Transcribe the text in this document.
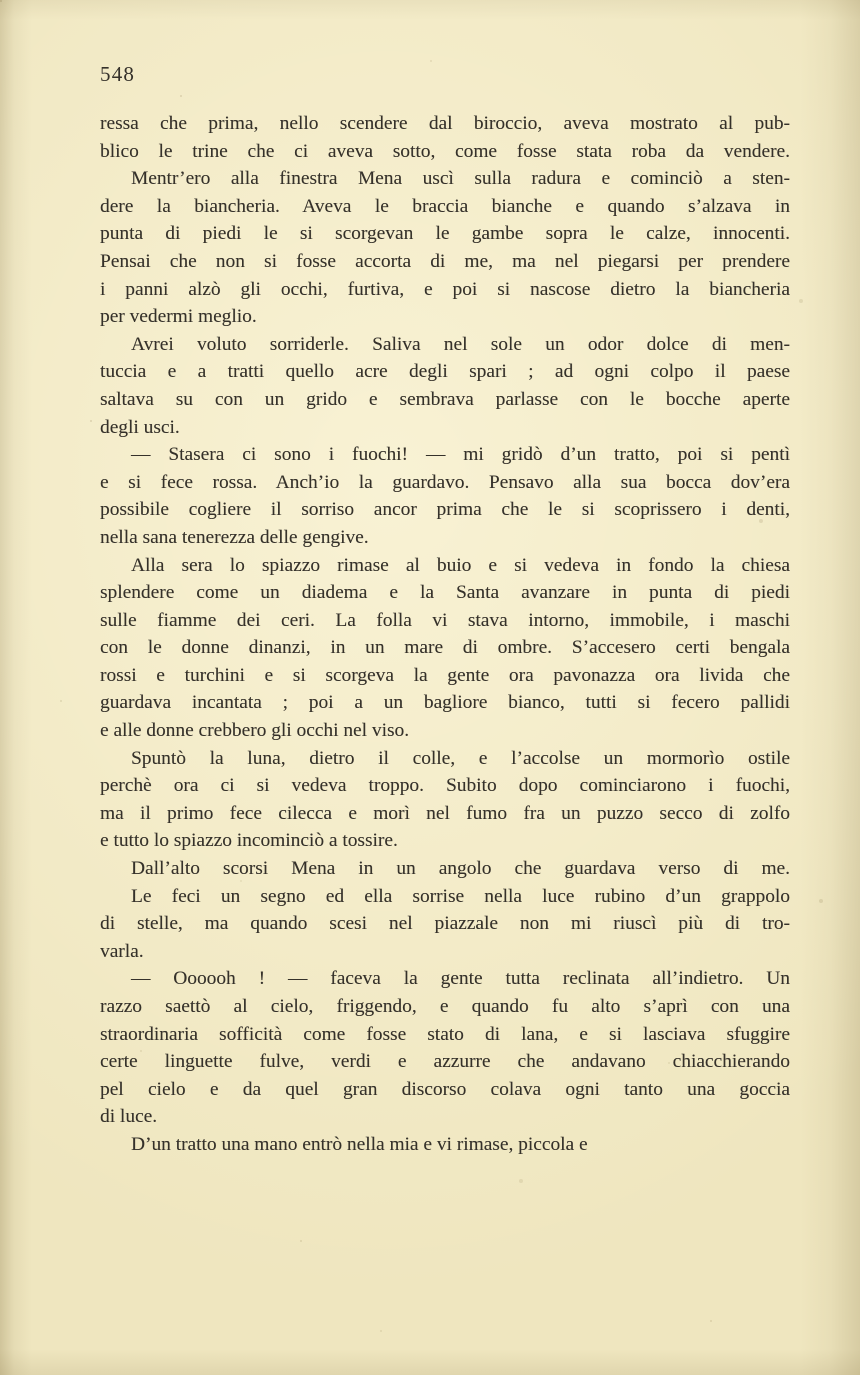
548
ressa che prima, nello scendere dal biroccio, aveva mostrato al pub-
blico le trine che ci aveva sotto, come fosse stata roba da vendere.
Mentr’ero alla finestra Mena uscì sulla radura e cominciò a sten-
dere la biancheria. Aveva le braccia bianche e quando s’alzava in
punta di piedi le si scorgevan le gambe sopra le calze, innocenti.
Pensai che non si fosse accorta di me, ma nel piegarsi per prendere
i panni alzò gli occhi, furtiva, e poi si nascose dietro la biancheria
per vedermi meglio.
Avrei voluto sorriderle. Saliva nel sole un odor dolce di men-
tuccia e a tratti quello acre degli spari ; ad ogni colpo il paese
saltava su con un grido e sembrava parlasse con le bocche aperte
degli usci.
— Stasera ci sono i fuochi! — mi gridò d’un tratto, poi si pentì
e si fece rossa. Anch’io la guardavo. Pensavo alla sua bocca dov’era
possibile cogliere il sorriso ancor prima che le si scoprissero i denti,
nella sana tenerezza delle gengive.
Alla sera lo spiazzo rimase al buio e si vedeva in fondo la chiesa
splendere come un diadema e la Santa avanzare in punta di piedi
sulle fiamme dei ceri. La folla vi stava intorno, immobile, i maschi
con le donne dinanzi, in un mare di ombre. S’accesero certi bengala
rossi e turchini e si scorgeva la gente ora pavonazza ora livida che
guardava incantata ; poi a un bagliore bianco, tutti si fecero pallidi
e alle donne crebbero gli occhi nel viso.
Spuntò la luna, dietro il colle, e l’accolse un mormorìo ostile
perchè ora ci si vedeva troppo. Subito dopo cominciarono i fuochi,
ma il primo fece cilecca e morì nel fumo fra un puzzo secco di zolfo
e tutto lo spiazzo incominciò a tossire.
Dall’alto scorsi Mena in un angolo che guardava verso di me.
Le feci un segno ed ella sorrise nella luce rubino d’un grappolo
di stelle, ma quando scesi nel piazzale non mi riuscì più di tro-
varla.
— Oooooh ! — faceva la gente tutta reclinata all’indietro. Un
razzo saettò al cielo, friggendo, e quando fu alto s’aprì con una
straordinaria sofficità come fosse stato di lana, e si lasciava sfuggire
certe linguette fulve, verdi e azzurre che andavano chiacchierando
pel cielo e da quel gran discorso colava ogni tanto una goccia
di luce.
D’un tratto una mano entrò nella mia e vi rimase, piccola e
